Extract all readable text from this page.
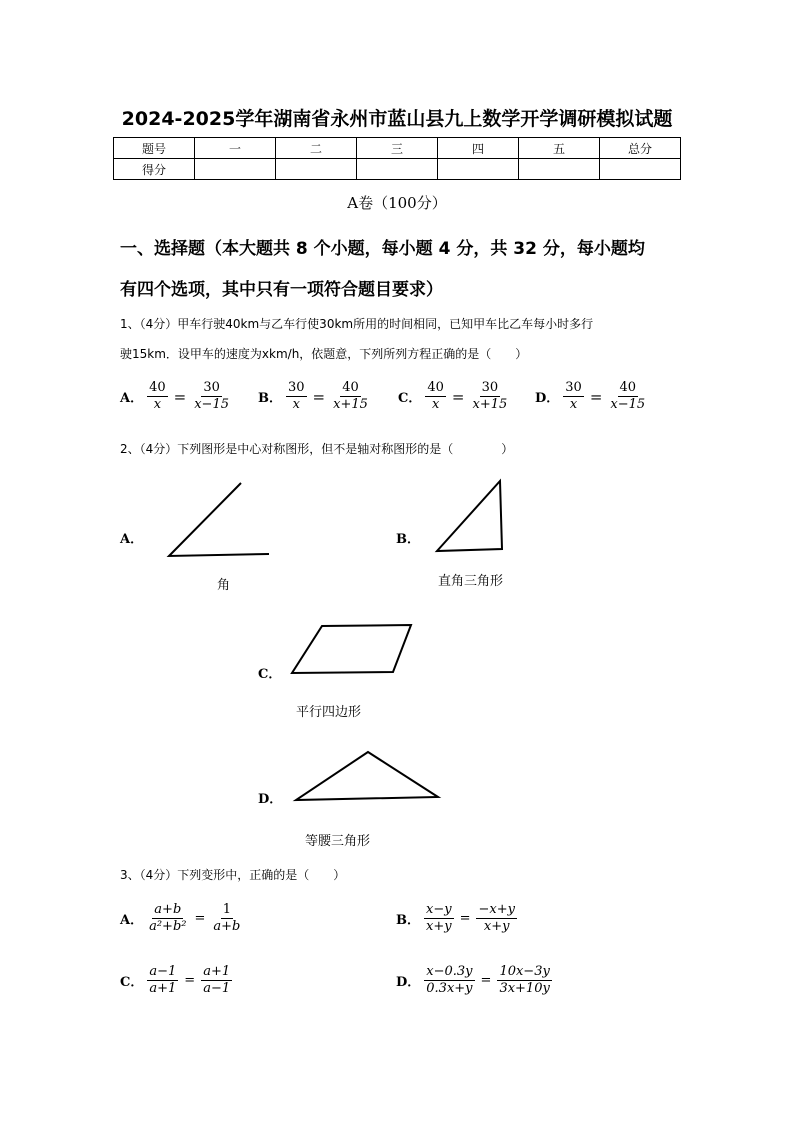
2024-2025学年湖南省永州市蓝山县九上数学开学调研模拟试题
题号	一	二	三	四	五	总分
得分						
A卷（100分）
一、选择题（本大题共 8 个小题，每小题 4 分，共 32 分，每小题均
有四个选项，其中只有一项符合题目要求）
1、（4分）甲车行驶40km与乙车行使30km所用的时间相同，已知甲车比乙车每小时多行
驶15km．设甲车的速度为xkm/h，依题意，下列所列方程正确的是（　　）
A． $\frac{40}{x} = \frac{30}{x-15}$ B． $\frac{30}{x} = \frac{40}{x+15}$ C． $\frac{40}{x} = \frac{30}{x+15}$ D． $\frac{30}{x} = \frac{40}{x-15}$
2、（4分）下列图形是中心对称图形，但不是轴对称图形的是（　　　　）
A．
角
B．
直角三角形
C．
平行四边形
D．
等腰三角形
3、（4分）下列变形中，正确的是（　　）
A． $\frac{a+b}{\text{a²+b²}} = \frac{1}{a+b}$	B． $\frac{x-y}{x+y} = \frac{-x+y}{x+y}$
C． $\frac{a-1}{a+1} = \frac{a+1}{a-1}$	D． $\frac{x-0.3y}{0.3x+y} = \frac{10x-3y}{3x+10y}$
